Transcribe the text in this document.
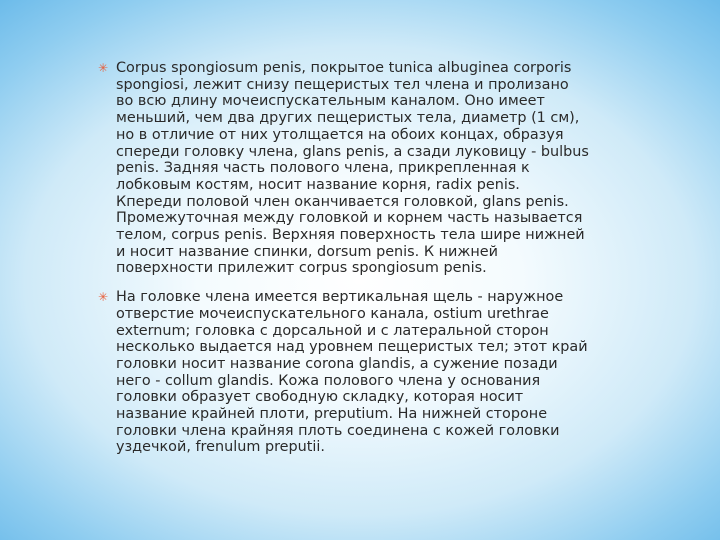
✳ Corpus spongiosum penis, покрытое tunica albuginea corporis spongiosi, лежит снизу пещеристых тел члена и пролизано во всю длину мочеиспускательным каналом. Оно имеет меньший, чем два других пещеристых тела, диаметр (1 см), но в отличие от них утолщается на обоих концах, образуя спереди головку члена, glans penis, а сзади луковицу - bulbus penis. Задняя часть полового члена, прикрепленная к лобковым костям, носит название корня, radix penis. Кпереди половой член оканчивается головкой, glans penis. Промежуточная между головкой и корнем часть называется телом, corpus penis. Верхняя поверхность тела шире нижней и носит название спинки, dorsum penis. К нижней поверхности прилежит corpus spongiosum penis.

✳ На головке члена имеется вертикальная щель - наружное отверстие мочеиспускательного канала, ostium urethrae externum; головка с дорсальной и с латеральной сторон несколько выдается над уровнем пещеристых тел; этот край головки носит название corona glandis, а сужение позади него - collum glandis. Кожа полового члена у основания головки образует свободную складку, которая носит название крайней плоти, preputium. На нижней стороне головки члена крайняя плоть соединена с кожей головки уздечкой, frenulum preputii.
